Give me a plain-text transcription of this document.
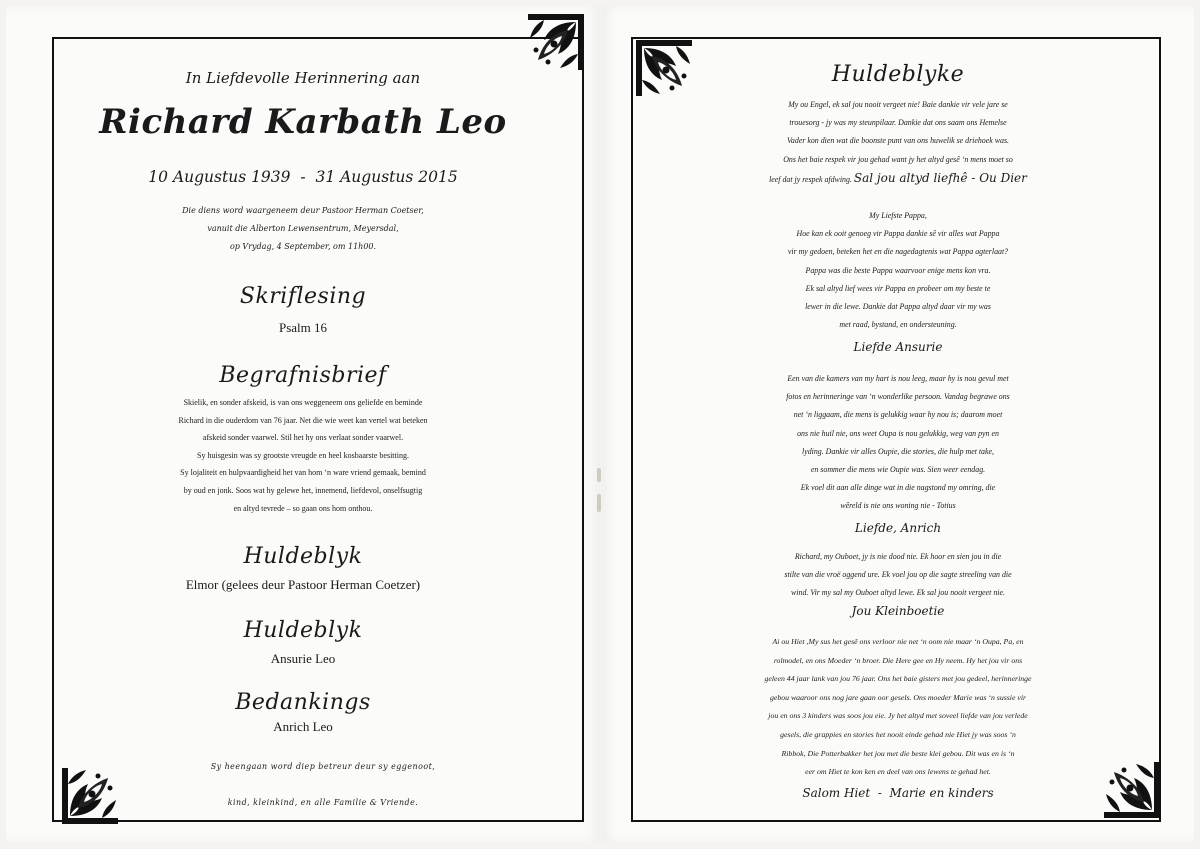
In Liefdevolle Herinnering aan
Richard Karbath Leo
10 Augustus 1939  -  31 Augustus 2015
Die diens word waargeneem deur Pastoor Herman Coetser,
vanuit die Alberton Lewensentrum, Meyersdal,
op Vrydag, 4 September, om 11h00.
Skriflesing
Psalm 16
Begrafnisbrief
Skielik, en sonder afskeid, is van ons weggeneem ons geliefde en beminde
Richard in die ouderdom van 76 jaar. Net die wie weet kan vertel wat beteken
afskeid sonder vaarwel. Stil het hy ons verlaat sonder vaarwel.
Sy huisgesin was sy grootste vreugde en heel kosbaarste besitting.
Sy lojaliteit en hulpvaardigheid het van hom ‘n ware vriend gemaak, bemind
by oud en jonk. Soos wat hy gelewe het, innemend, liefdevol, onselfsugtig
en altyd tevrede – so gaan ons hom onthou.
Huldeblyk
Elmor (gelees deur Pastoor Herman Coetzer)
Huldeblyk
Ansurie Leo
Bedankings
Anrich Leo
Sy heengaan word diep betreur deur sy eggenoot,
kind, kleinkind, en alle Familie & Vriende.
Huldeblyke
My ou Engel, ek sal jou nooit vergeet nie! Baie dankie vir vele jare se
trouesorg - jy was my steunpilaar. Dankie dat ons saam ons Hemelse
Vader kon dien wat die boonste punt van ons huwelik se driehoek was.
Ons het baie respek vir jou gehad want jy het altyd gesê ‘n mens moet so
leef dat jy respek afdwing. Sal jou altyd liefhê - Ou Dier
My Liefste Pappa,
Hoe kan ek ooit genoeg vir Pappa dankie sê vir alles wat Pappa
vir my gedoen, beteken het en die nagedagtenis wat Pappa agterlaat?
Pappa was die beste Pappa waarvoor enige mens kon vra.
Ek sal altyd lief wees vir Pappa en probeer om my beste te
lewer in die lewe. Dankie dat Pappa altyd daar vir my was
met raad, bystand, en ondersteuning.
Liefde Ansurie
Een van die kamers van my hart is nou leeg, maar hy is nou gevul met
fotos en herinneringe van ‘n wonderlike persoon. Vandag begrawe ons
net ‘n liggaam, die mens is gelukkig waar hy nou is; daarom moet
ons nie huil nie, ons weet Oupa is nou gelukkig, weg van pyn en
lyding. Dankie vir alles Oupie, die stories, die hulp met take,
en sommer die mens wie Oupie was. Sien weer eendag.
Ek voel dit aan alle dinge wat in die nagstond my omring, die
wêreld is nie ons woning nie - Totius
Liefde, Anrich
Richard, my Ouboet, jy is nie dood nie. Ek hoor en sien jou in die
stilte van die vroë oggend ure. Ek voel jou op die sagte streeling van die
wind. Vir my sal my Ouboet altyd lewe. Ek sal jou nooit vergeet nie.
Jou Kleinboetie
Ai ou Hiet ,My sus het gesê ons verloor nie net ‘n oom nie maar ‘n Oupa, Pa, en
rolmodel, en ons Moeder ‘n broer. Die Here gee en Hy neem. Hy het jou vir ons
geleen 44 jaar lank van jou 76 jaar. Ons het baie gisters met jou gedeel, herinneringe
gebou waaroor ons nog jare gaan oor gesels. Ons moeder Marie was ‘n sussie vir
jou en ons 3 kinders was soos jou eie. Jy het altyd met soveel liefde van jou verlede
gesels, die grappies en stories het nooit einde gehad nie Hiet jy was soos ‘n
Ribbok, Die Potterbakker het jou met die beste klei gebou. Dit was en is ‘n
eer om Hiet te kon ken en deel van ons lewens te gehad het.
Salom Hiet  -  Marie en kinders
